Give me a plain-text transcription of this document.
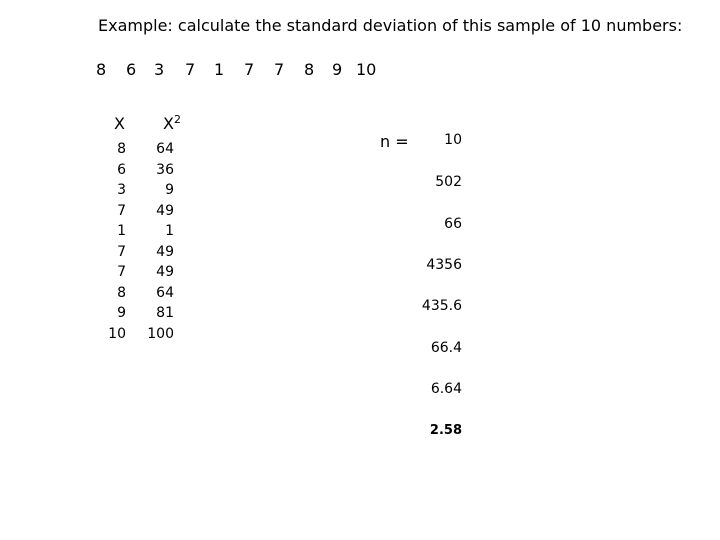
Example: calculate the standard deviation of this sample of 10 numbers:
8 6 3 7 1 7 7 8 9 10
X $X^2$
8
6
3
7
1
7
7
8
9
10
64
36
9
49
1
49
49
64
81
100
n =	10
502
66
4356
435.6
66.4
6.64
2.58
